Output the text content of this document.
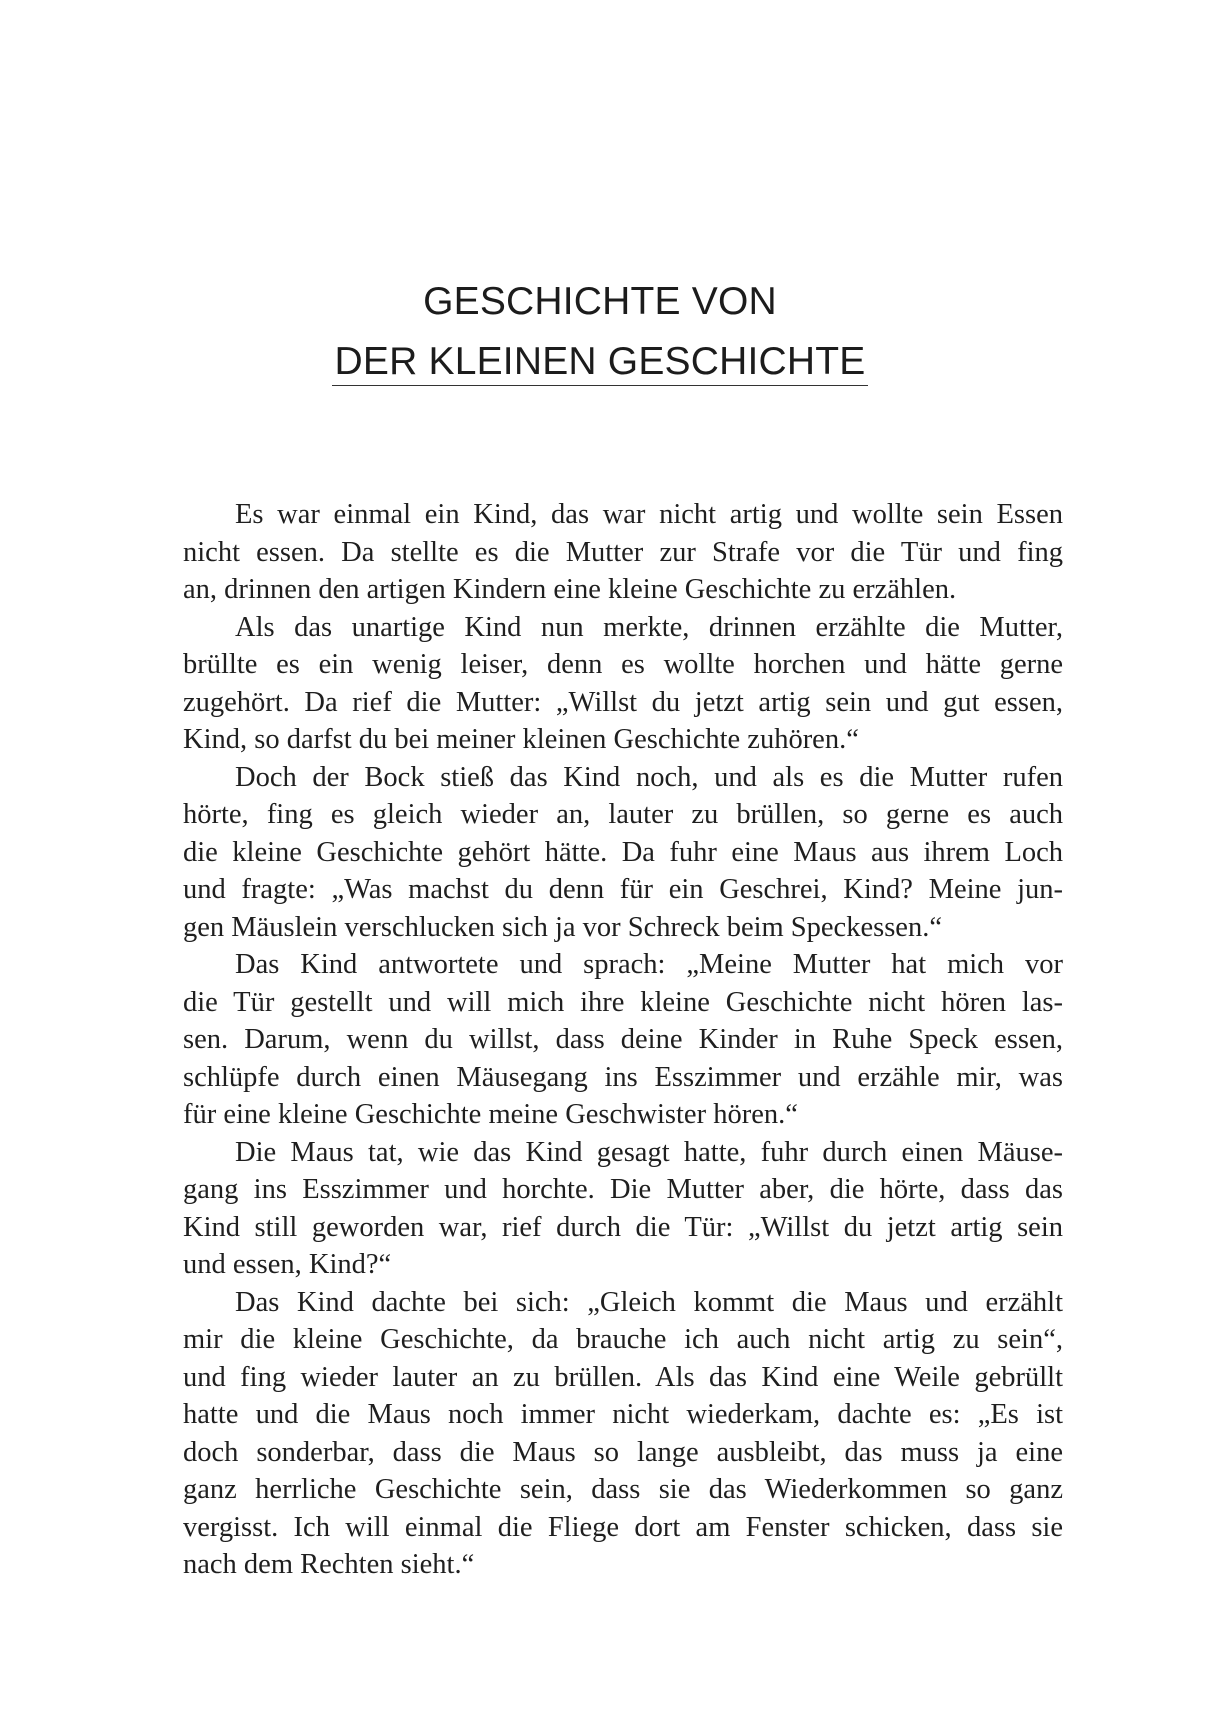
GESCHICHTE VON
DER KLEINEN GESCHICHTE
Es war einmal ein Kind, das war nicht artig und wollte sein Essen
nicht essen. Da stellte es die Mutter zur Strafe vor die Tür und fing
an, drinnen den artigen Kindern eine kleine Geschichte zu erzählen.
Als das unartige Kind nun merkte, drinnen erzählte die Mutter,
brüllte es ein wenig leiser, denn es wollte horchen und hätte gerne
zugehört. Da rief die Mutter: „Willst du jetzt artig sein und gut essen,
Kind, so darfst du bei meiner kleinen Geschichte zuhören.“
Doch der Bock stieß das Kind noch, und als es die Mutter rufen
hörte, fing es gleich wieder an, lauter zu brüllen, so gerne es auch
die kleine Geschichte gehört hätte. Da fuhr eine Maus aus ihrem Loch
und fragte: „Was machst du denn für ein Geschrei, Kind? Meine jun-
gen Mäuslein verschlucken sich ja vor Schreck beim Speckessen.“
Das Kind antwortete und sprach: „Meine Mutter hat mich vor
die Tür gestellt und will mich ihre kleine Geschichte nicht hören las-
sen. Darum, wenn du willst, dass deine Kinder in Ruhe Speck essen,
schlüpfe durch einen Mäusegang ins Esszimmer und erzähle mir, was
für eine kleine Geschichte meine Geschwister hören.“
Die Maus tat, wie das Kind gesagt hatte, fuhr durch einen Mäuse-
gang ins Esszimmer und horchte. Die Mutter aber, die hörte, dass das
Kind still geworden war, rief durch die Tür: „Willst du jetzt artig sein
und essen, Kind?“
Das Kind dachte bei sich: „Gleich kommt die Maus und erzählt
mir die kleine Geschichte, da brauche ich auch nicht artig zu sein“,
und fing wieder lauter an zu brüllen. Als das Kind eine Weile gebrüllt
hatte und die Maus noch immer nicht wiederkam, dachte es: „Es ist
doch sonderbar, dass die Maus so lange ausbleibt, das muss ja eine
ganz herrliche Geschichte sein, dass sie das Wiederkommen so ganz
vergisst. Ich will einmal die Fliege dort am Fenster schicken, dass sie
nach dem Rechten sieht.“
